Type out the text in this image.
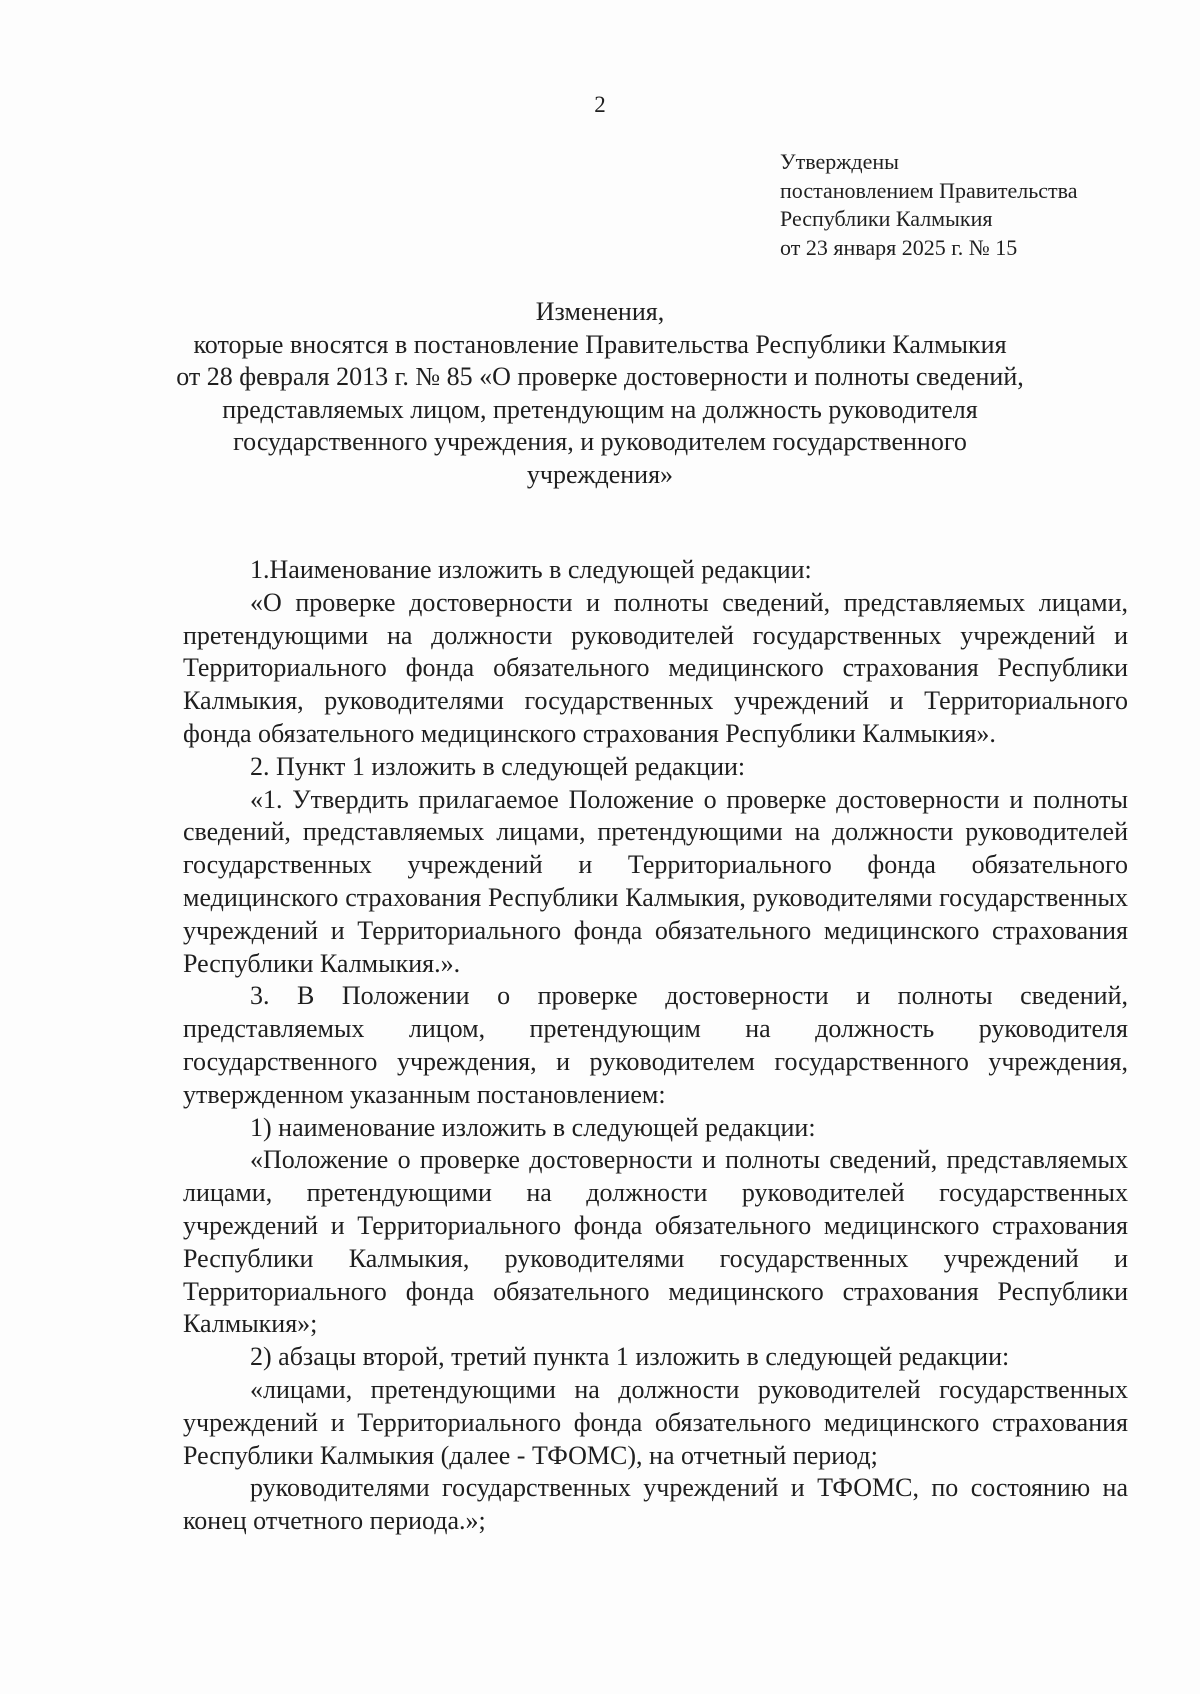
2
Утверждены
постановлением Правительства
Республики Калмыкия
от 23 января 2025 г. № 15
Изменения,
которые вносятся в постановление Правительства Республики Калмыкия
от 28 февраля 2013 г. № 85 «О проверке достоверности и полноты сведений,
представляемых лицом, претендующим на должность руководителя
государственного учреждения, и руководителем государственного
учреждения»

1.Наименование изложить в следующей редакции:

«О проверке достоверности и полноты сведений, представляемых лицами, претендующими на должности руководителей государственных учреждений и Территориального фонда обязательного медицинского страхования Республики Калмыкия, руководителями государственных учреждений и Территориального фонда обязательного медицинского страхования Республики Калмыкия».

2. Пункт 1 изложить в следующей редакции:

«1. Утвердить прилагаемое Положение о проверке достоверности и полноты сведений, представляемых лицами, претендующими на должности руководителей государственных учреждений и Территориального фонда обязательного медицинского страхования Республики Калмыкия, руководителями государственных учреждений и Территориального фонда обязательного медицинского страхования Республики Калмыкия.».

3. В Положении о проверке достоверности и полноты сведений, представляемых лицом, претендующим на должность руководителя государственного учреждения, и руководителем государственного учреждения, утвержденном указанным постановлением:

1) наименование изложить в следующей редакции:

«Положение о проверке достоверности и полноты сведений, представляемых лицами, претендующими на должности руководителей государственных учреждений и Территориального фонда обязательного медицинского страхования Республики Калмыкия, руководителями государственных учреждений и Территориального фонда обязательного медицинского страхования Республики Калмыкия»;

2) абзацы второй, третий пункта 1 изложить в следующей редакции:

«лицами, претендующими на должности руководителей государственных учреждений и Территориального фонда обязательного медицинского страхования Республики Калмыкия (далее - ТФОМС), на отчетный период;

руководителями государственных учреждений и ТФОМС, по состоянию на конец отчетного периода.»;
